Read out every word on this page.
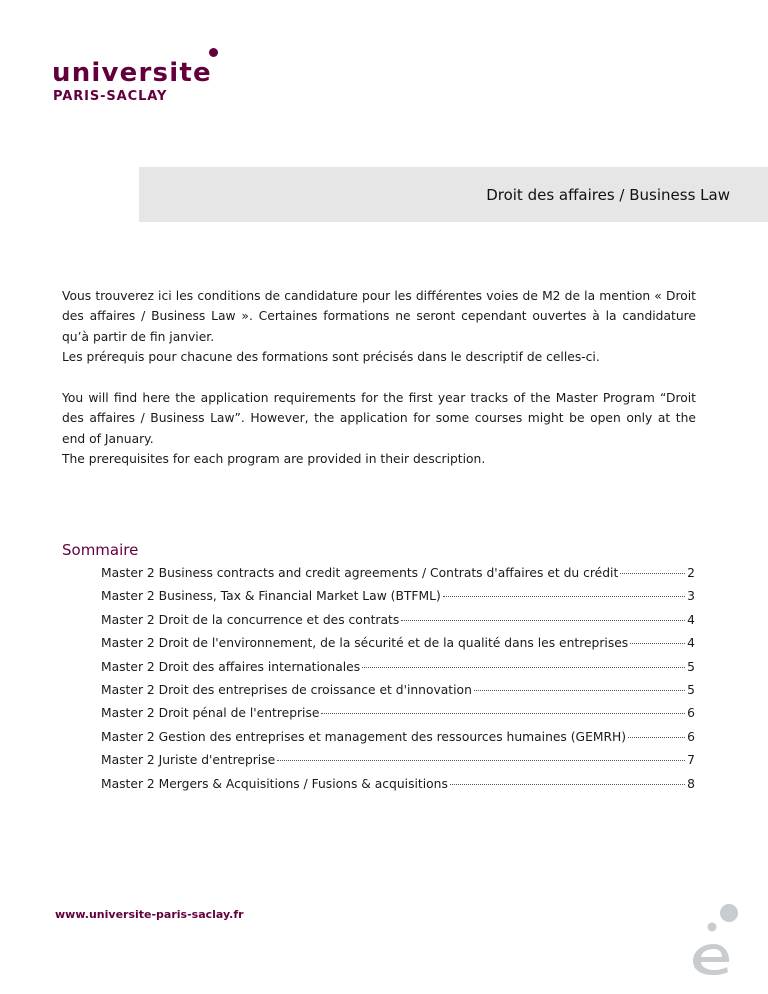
universite
PARIS-SACLAY
Droit des affaires / Business Law

Vous trouverez ici les conditions de candidature pour les différentes voies de M2 de la mention « Droit des affaires / Business Law ». Certaines formations ne seront cependant ouvertes à la candidature qu’à partir de fin janvier.
Les prérequis pour chacune des formations sont précisés dans le descriptif de celles-ci.

You will find here the application requirements for the first year tracks of the Master Program “Droit des affaires / Business Law”. However, the application for some courses might be open only at the end of January.
The prerequisites for each program are provided in their description.

Sommaire
Master 2 Business contracts and credit agreements / Contrats d'affaires et du crédit	2
Master 2 Business, Tax & Financial Market Law (BTFML)	3
Master 2 Droit de la concurrence et des contrats	4
Master 2 Droit de l'environnement, de la sécurité et de la qualité dans les entreprises	4
Master 2 Droit des affaires internationales	5
Master 2 Droit des entreprises de croissance et d'innovation	5
Master 2 Droit pénal de l'entreprise	6
Master 2 Gestion des entreprises et management des ressources humaines (GEMRH)	6
Master 2 Juriste d'entreprise	7
Master 2 Mergers & Acquisitions / Fusions & acquisitions	8
www.universite-paris-saclay.fr
